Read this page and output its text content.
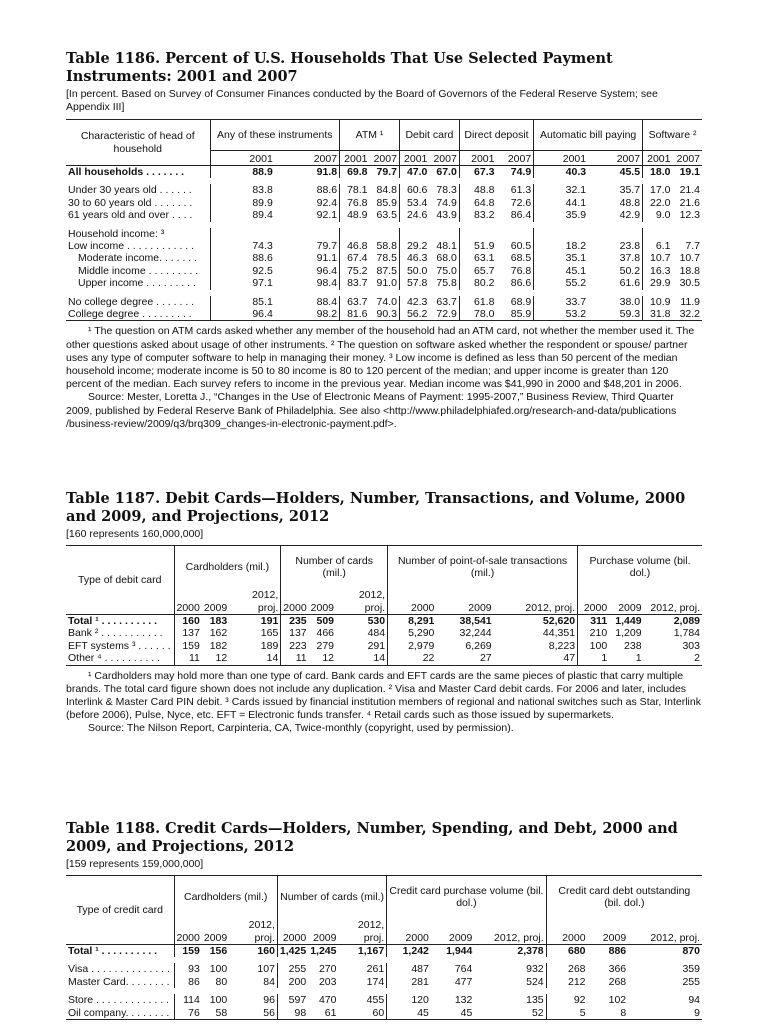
Table 1186. Percent of U.S. Households That Use Selected Payment Instruments: 2001 and 2007

[In percent. Based on Survey of Consumer Finances conducted by the Board of Governors of the Federal Reserve System; see Appendix III]

Characteristic of head of household	Any of these instruments		ATM ¹		Debit card		Direct deposit		Automatic bill paying		Software ²	
	2001	2007	2001	2007	2001	2007	2001	2007	2001	2007	2001	2007
All households . . . . . . .	88.9	91.8	69.8	79.7	47.0	67.0	67.3	74.9	40.3	45.5	18.0	19.1

Under 30 years old . . . . . .	83.8	88.6	78.1	84.8	60.6	78.3	48.8	61.3	32.1	35.7	17.0	21.4
30 to 60 years old . . . . . . .	89.9	92.4	76.8	85.9	53.4	74.9	64.8	72.6	44.1	48.8	22.0	21.6
61 years old and over . . . .	89.4	92.1	48.9	63.5	24.6	43.9	83.2	86.4	35.9	42.9	9.0	12.3

Household income: ³												
Low income . . . . . . . . . . . .	74.3	79.7	46.8	58.8	29.2	48.1	51.9	60.5	18.2	23.8	6.1	7.7
Moderate income. . . . . . .	88.6	91.1	67.4	78.5	46.3	68.0	63.1	68.5	35.1	37.8	10.7	10.7
Middle income . . . . . . . . .	92.5	96.4	75.2	87.5	50.0	75.0	65.7	76.8	45.1	50.2	16.3	18.8
Upper income . . . . . . . . .	97.1	98.4	83.7	91.0	57.8	75.8	80.2	86.6	55.2	61.6	29.9	30.5

No college degree . . . . . . .	85.1	88.4	63.7	74.0	42.3	63.7	61.8	68.9	33.7	38.0	10.9	11.9
College degree . . . . . . . . .	96.4	98.2	81.6	90.3	56.2	72.9	78.0	85.9	53.2	59.3	31.8	32.2

¹ The question on ATM cards asked whether any member of the household had an ATM card, not whether the member used it. The other questions asked about usage of other instruments. ² The question on software asked whether the respondent or spouse/ partner uses any type of computer software to help in managing their money. ³ Low income is defined as less than 50 percent of the median household income; moderate income is 50 to 80 income is 80 to 120 percent of the median; and upper income is greater than 120 percent of the median. Each survey refers to income in the previous year. Median income was $41,990 in 2000 and $48,201 in 2006.

Source: Mester, Loretta J., “Changes in the Use of Electronic Means of Payment: 1995-2007,” Business Review, Third Quarter 2009, published by Federal Reserve Bank of Philadelphia. See also <http://www.philadelphiafed.org/research-and-data/publications /business-review/2009/q3/brq309_changes-in-electronic-payment.pdf>.

Table 1187. Debit Cards—Holders, Number, Transactions, and Volume, 2000 and 2009, and Projections, 2012

[160 represents 160,000,000]

Type of debit card	Cardholders (mil.)			Number of cards (mil.)			Number of point-of-sale transactions (mil.)			Purchase volume (bil. dol.)		
	2000	2009	2012, proj.	2000	2009	2012, proj.	2000	2009	2012, proj.	2000	2009	2012, proj.
Total ¹ . . . . . . . . . .	160	183	191	235	509	530	8,291	38,541	52,620	311	1,449	2,089
Bank ² . . . . . . . . . . .	137	162	165	137	466	484	5,290	32,244	44,351	210	1,209	1,784
EFT systems ³ . . . . . .	159	182	189	223	279	291	2,979	6,269	8,223	100	238	303
Other ⁴ . . . . . . . . . .	11	12	14	11	12	14	22	27	47	1	1	2

¹ Cardholders may hold more than one type of card. Bank cards and EFT cards are the same pieces of plastic that carry multiple brands. The total card figure shown does not include any duplication. ² Visa and Master Card debit cards. For 2006 and later, includes Interlink & Master Card PIN debit. ³ Cards issued by financial institution members of regional and national switches such as Star, Interlink (before 2006), Pulse, Nyce, etc. EFT = Electronic funds transfer. ⁴ Retail cards such as those issued by supermarkets.

Source: The Nilson Report, Carpinteria, CA, Twice-monthly (copyright, used by permission).

Table 1188. Credit Cards—Holders, Number, Spending, and Debt, 2000 and 2009, and Projections, 2012

[159 represents 159,000,000]

Type of credit card	Cardholders (mil.)			Number of cards (mil.)			Credit card purchase volume (bil. dol.)			Credit card debt outstanding (bil. dol.)		
	2000	2009	2012, proj.	2000	2009	2012, proj.	2000	2009	2012, proj.	2000	2009	2012, proj.
Total ¹ . . . . . . . . . .	159	156	160	1,425	1,245	1,167	1,242	1,944	2,378	680	886	870

Visa . . . . . . . . . . . . . .	93	100	107	255	270	261	487	764	932	268	366	359
Master Card. . . . . . . .	86	80	84	200	203	174	281	477	524	212	268	255

Store . . . . . . . . . . . . .	114	100	96	597	470	455	120	132	135	92	102	94
Oil company. . . . . . . .	76	58	56	98	61	60	45	45	52	5	8	9
